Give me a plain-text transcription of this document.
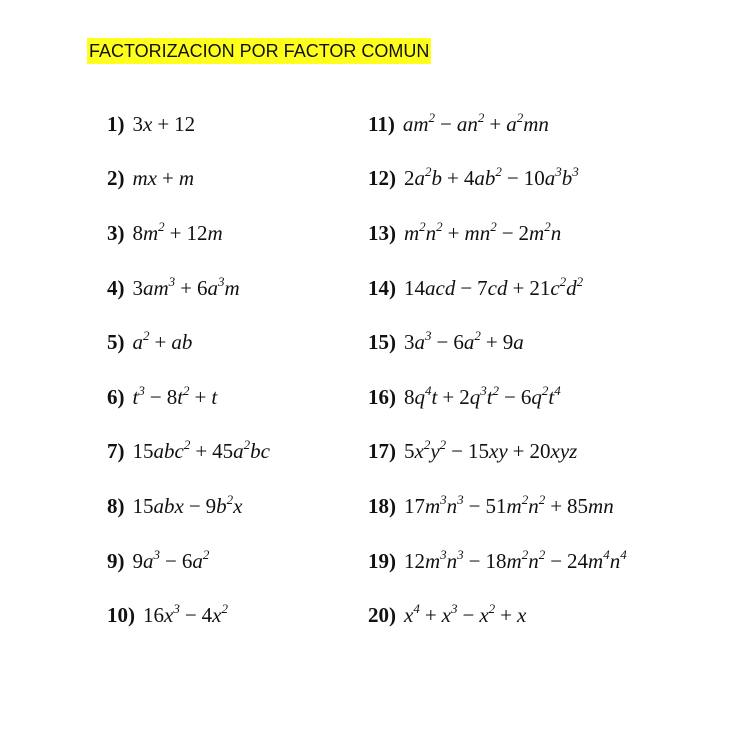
FACTORIZACION POR FACTOR COMUN
1) 3x + 12
2) mx + m
3) $8m^2 + 12m$
4) $3am^3 + 6a^3m$
5) $a^2$ + ab
6) $t^3 - 8t^2 + t$
7) $15abc^2 + 45a^2bc$
8) $15abx - 9b^2x$
9) $9a^3 - 6a^2$
10) $16x^3 - 4x^2$
11) $am^2 - an^2 + a^2mn$
12) $2a^2b + 4ab^2 - 10a^3b^3$
13) $m^2n^2 + mn^2 - 2m^2n$
14) $14acd - 7cd + 21c^2d^2$
15) $3a^3 - 6a^2 + 9a$
16) $8q^4t + 2q^3t^2 - 6q^2t^4$
17) $5x^2y^2 - 15xy + 20xyz$
18) $17m^3n^3 - 51m^2n^2 + 85mn$
19) $12m^3n^3 - 18m^2n^2 - 24m^4n^4$
20) $x^4 + x^3 - x^2 + x$
